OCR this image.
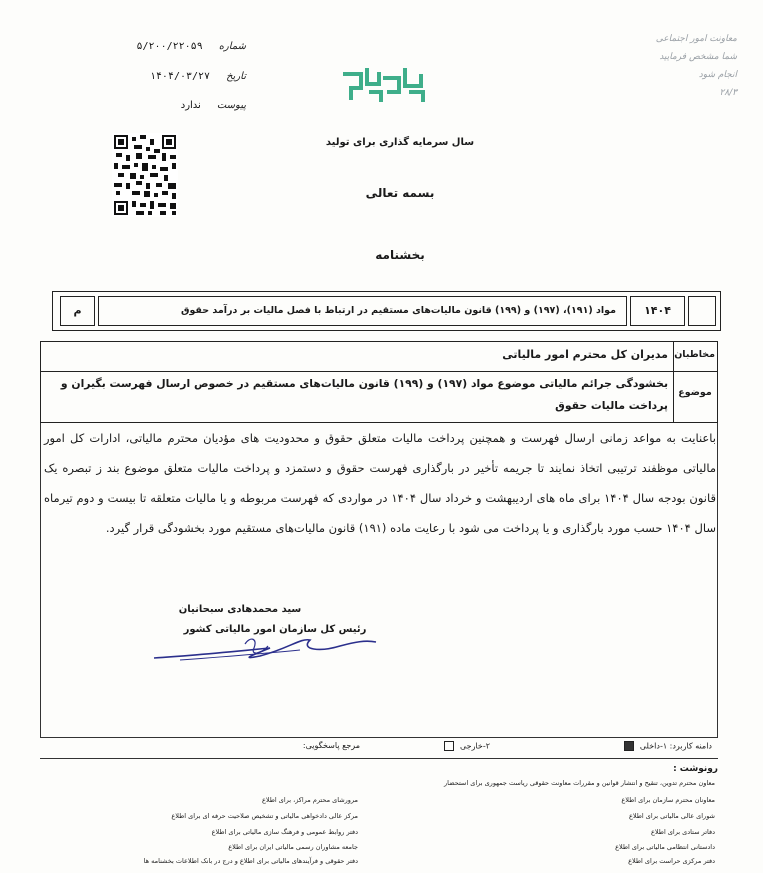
شماره
۵/۲۰۰/۲۲۰۵۹
تاریخ
۱۴۰۴/۰۳/۲۷
پیوست
ندارد
معاونت امور اجتماعی
شما مشخص فرمایید
انجام شود
۲۸/۳
سال سرمایه گذاری برای تولید
بسمه تعالی
بخشنامه
م	مواد (۱۹۱)، (۱۹۷) و (۱۹۹) قانون مالیات‌های مستقیم در ارتباط با فصل مالیات بر درآمد حقوق	۱۴۰۴
مخاطبان
مدیران کل محترم امور مالیاتی
موضوع
بخشودگی جرائم مالیاتی موضوع مواد (۱۹۷) و (۱۹۹) قانون مالیات‌های مستقیم در خصوص ارسال فهرست بگیران و
پرداخت مالیات حقوق
باعنایت به مواعد زمانی ارسال فهرست و همچنین پرداخت مالیات متعلق حقوق و محدودیت های مؤدیان محترم مالیاتی، ادارات کل امور مالیاتی موظفند ترتیبی اتخاذ نمایند تا جریمه تأخیر در بارگذاری فهرست حقوق و دستمزد و پرداخت مالیات متعلق موضوع بند ز تبصره یک قانون بودجه سال ۱۴۰۴ برای ماه های اردیبهشت و خرداد سال ۱۴۰۴ در مواردی که فهرست مربوطه و یا مالیات متعلقه تا بیست و دوم تیرماه سال ۱۴۰۴ حسب مورد بارگذاری و یا پرداخت می شود با رعایت ماده (۱۹۱) قانون مالیات‌های مستقیم مورد بخشودگی قرار گیرد.
سید محمدهادی سبحانیان
رئیس کل سازمان امور مالیاتی کشور
دامنه کاربرد: ۱-داخلی
۲-خارجی
مرجع پاسخگویی:
رونوشت :
معاون محترم تدوین، تنقیح و انتشار قوانین و مقررات معاونت حقوقی ریاست جمهوری برای استحضار
معاونان محترم سازمان برای اطلاع
شورای عالی مالیاتی برای اطلاع
دفاتر ستادی برای اطلاع
دادستانی انتظامی مالیاتی برای اطلاع
دفتر مرکزی حراست برای اطلاع
مرورشای محترم مراکز، برای اطلاع
مرکز عالی دادخواهی مالیاتی و تشخیص صلاحیت حرفه ای برای اطلاع
دفتر روابط عمومی و فرهنگ سازی مالیاتی برای اطلاع
جامعه مشاوران رسمی مالیاتی ایران برای اطلاع
دفتر حقوقی و فرآیندهای مالیاتی برای اطلاع و درج در بانک اطلاعات بخشنامه ها
